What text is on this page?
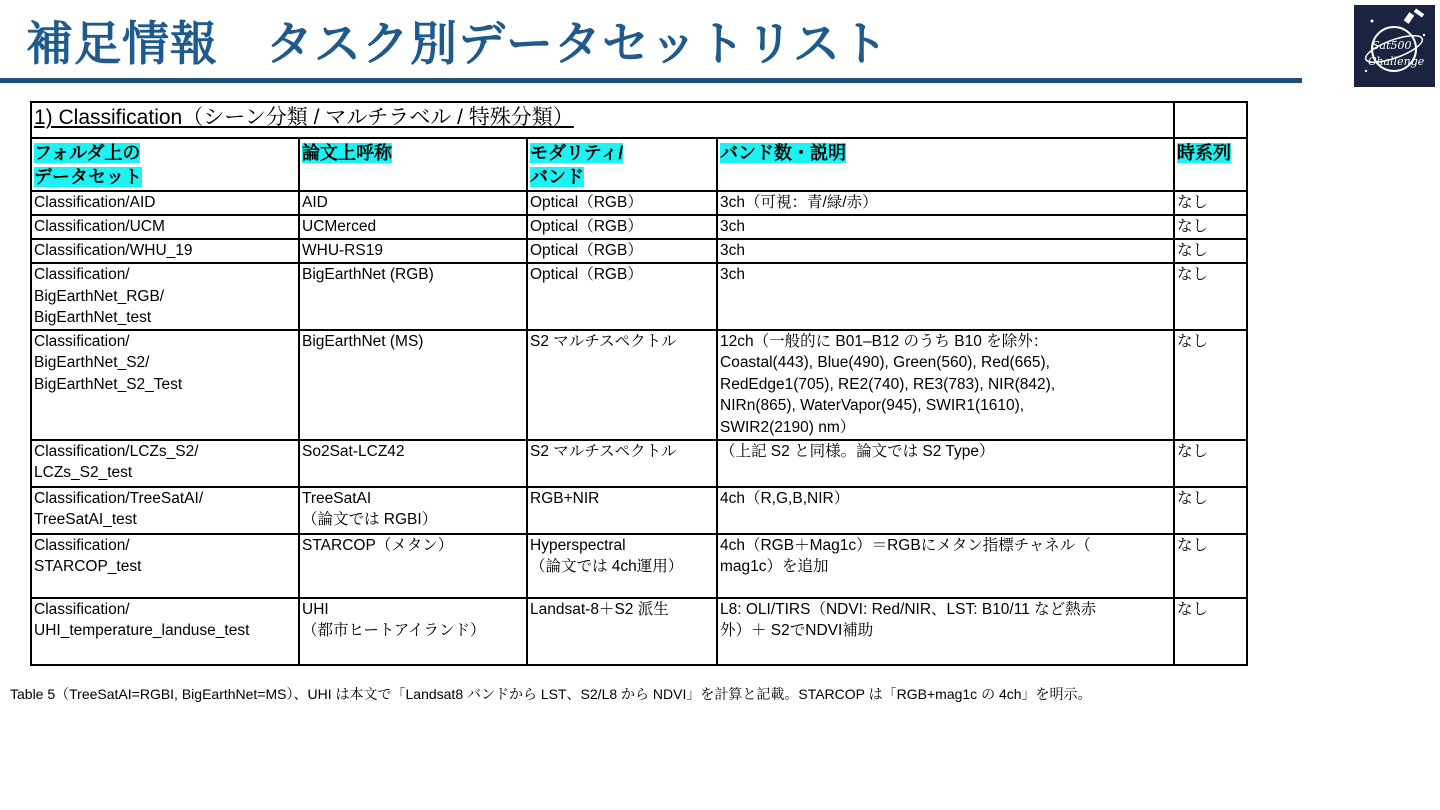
補足情報　タスク別データセットリスト	Sat500
Challenge
1) Classification（シーン分類 / マルチラベル / 特殊分類）				
フォルダ上の
データセット	論文上呼称	モダリティ/
バンド	バンド数・説明	時系列

Classification/AID	AID	Optical（RGB）	3ch（可視：青/緑/赤）	なし

Classification/UCM	UCMerced	Optical（RGB）	3ch	なし

Classification/WHU_19	WHU-RS19	Optical（RGB）	3ch	なし

Classification/
BigEarthNet_RGB/
BigEarthNet_test	BigEarthNet (RGB)	Optical（RGB）	3ch	なし

Classification/
BigEarthNet_S2/
BigEarthNet_S2_Test	BigEarthNet (MS)	S2 マルチスペクトル	12ch（一般的に B01–B12 のうち B10 を除外：
Coastal(443), Blue(490), Green(560), Red(665),
RedEdge1(705), RE2(740), RE3(783), NIR(842),
NIRn(865), WaterVapor(945), SWIR1(1610),
SWIR2(2190) nm）	なし

Classification/LCZs_S2/
LCZs_S2_test	So2Sat-LCZ42	S2 マルチスペクトル	（上記 S2 と同様。論文では S2 Type）	なし

Classification/TreeSatAI/
TreeSatAI_test	TreeSatAI
（論文では RGBI）	RGB+NIR	4ch（R,G,B,NIR）	なし

Classification/
STARCOP_test	STARCOP（メタン）	Hyperspectral
（論文では 4ch運用）	4ch（RGB＋Mag1c）＝RGBにメタン指標チャネル（
mag1c）を追加	なし

Classification/
UHI_temperature_landuse_test	UHI
（都市ヒートアイランド）	Landsat-8＋S2 派生	L8: OLI/TIRS（NDVI: Red/NIR、LST: B10/11 など熱赤
外）＋ S2でNDVI補助	なし
Table 5（TreeSatAI=RGBI, BigEarthNet=MS）、UHI は本文で「Landsat8 バンドから LST、S2/L8 から NDVI」を計算と記載。STARCOP は「RGB+mag1c の 4ch」を明示。
